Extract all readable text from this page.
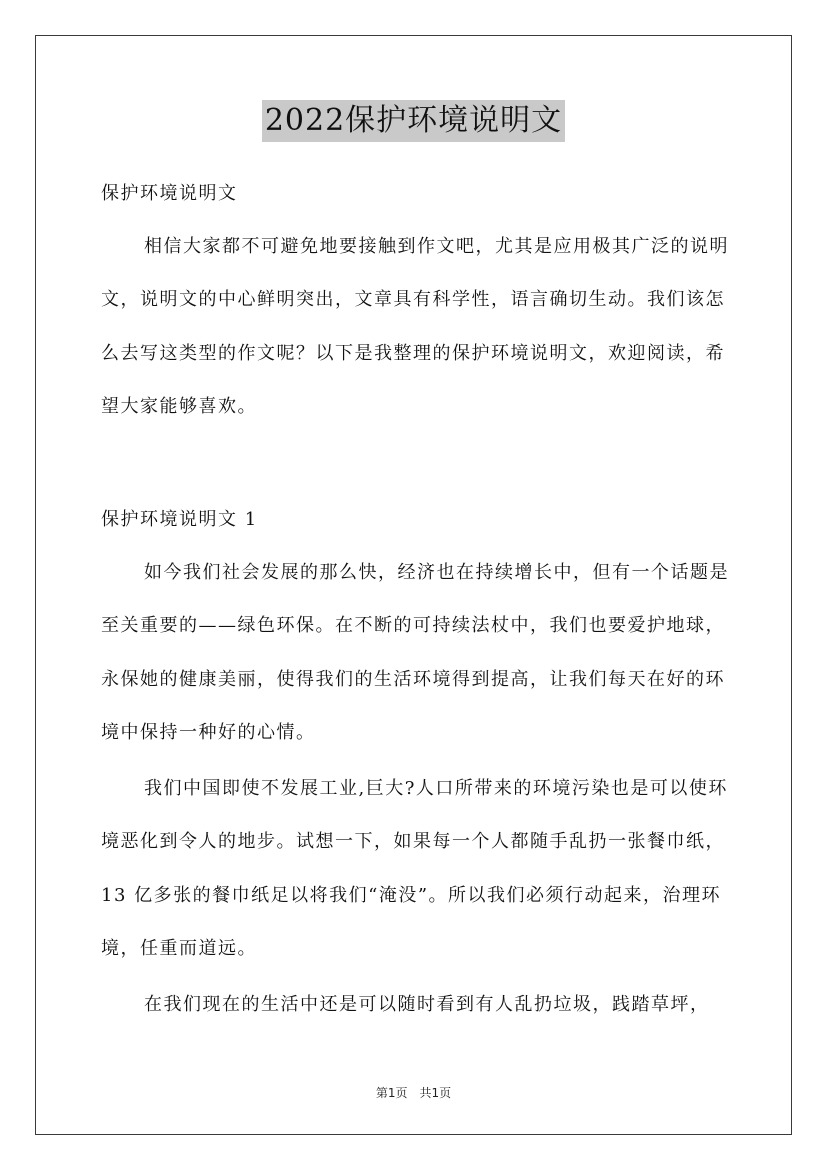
2022保护环境说明文

保护环境说明文

相信大家都不可避免地要接触到作文吧，尤其是应用极其广泛的说明文，说明文的中心鲜明突出，文章具有科学性，语言确切生动。我们该怎么去写这类型的作文呢？以下是我整理的保护环境说明文，欢迎阅读，希望大家能够喜欢。

保护环境说明文 1

如今我们社会发展的那么快，经济也在持续增长中，但有一个话题是至关重要的——绿色环保。在不断的可持续法杖中，我们也要爱护地球，永保她的健康美丽，使得我们的生活环境得到提高，让我们每天在好的环境中保持一种好的心情。

我们中国即使不发展工业,巨大?人口所带来的环境污染也是可以使环境恶化到令人的地步。试想一下，如果每一个人都随手乱扔一张餐巾纸，13 亿多张的餐巾纸足以将我们“淹没”。所以我们必须行动起来，治理环境，任重而道远。

在我们现在的生活中还是可以随时看到有人乱扔垃圾，践踏草坪，

第1页 共1页
